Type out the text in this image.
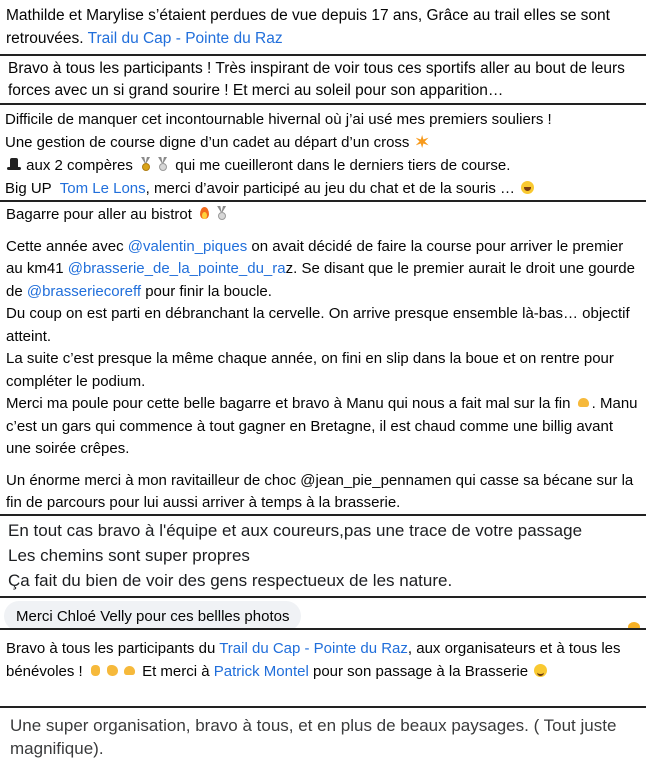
Mathilde et Marylise s’étaient perdues de vue depuis 17 ans, Grâce au trail elles se sont retrouvées. Trail du Cap - Pointe du Raz

Bravo à tous les participants ! Très inspirant de voir tous ces sportifs aller au bout de leurs forces avec un si grand sourire ! Et merci au soleil pour son apparition…

Difficile de manquer cet incontournable hivernal où j’ai usé mes premiers souliers !

Une gestion de course digne d’un cadet au départ d’un cross

aux 2 compères	qui me cueilleront dans le derniers tiers de course.

Big UP Tom Le Lons, merci d’avoir participé au jeu du chat et de la souris …

Bagarre pour aller au bistrot

Cette année avec @valentin_piques on avait décidé de faire la course pour arriver le premier au km41 @brasserie_de_la_pointe_du_raz. Se disant que le premier aurait le droit une gourde de @brasseriecoreff pour finir la boucle.

Du coup on est parti en débranchant la cervelle. On arrive presque ensemble là-bas… objectif atteint.

La suite c’est presque la même chaque année, on fini en slip dans la boue et on rentre pour compléter le podium.

Merci ma poule pour cette belle bagarre et bravo à Manu qui nous a fait mal sur la fin . Manu c’est un gars qui commence à tout gagner en Bretagne, il est chaud comme une billig avant une soirée crêpes.

Un énorme merci à mon ravitailleur de choc @jean_pie_pennamen qui casse sa bécane sur la fin de parcours pour lui aussi arriver à temps à la brasserie.

En tout cas bravo à l'équipe et aux coureurs,pas une trace de votre passage

Les chemins sont super propres

Ça fait du bien de voir des gens respectueux de les nature.

Merci Chloé Velly pour ces bellles photos

Bravo à tous les participants du Trail du Cap - Pointe du Raz, aux organisateurs et à tous les bénévoles !	Et merci à Patrick Montel pour son passage à la Brasserie

Une super organisation, bravo à tous, et en plus de beaux paysages. ( Tout juste magnifique).
